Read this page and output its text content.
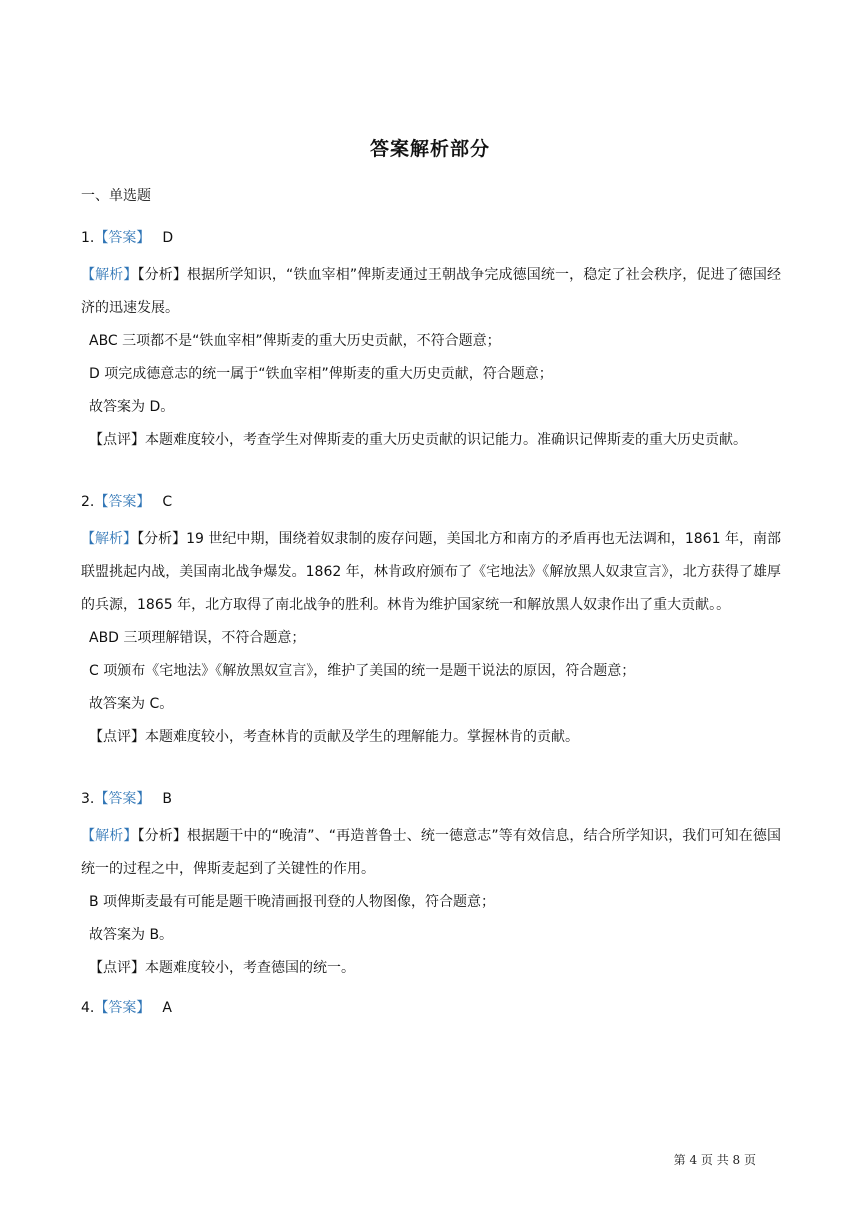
答案解析部分

一、单选题

1.【答案】 D

【解析】【分析】根据所学知识，“铁血宰相”俾斯麦通过王朝战争完成德国统一，稳定了社会秩序，促进了德国经济的迅速发展。

ABC 三项都不是“铁血宰相”俾斯麦的重大历史贡献，不符合题意；

D 项完成德意志的统一属于“铁血宰相”俾斯麦的重大历史贡献，符合题意；

故答案为 D。

【点评】本题难度较小，考查学生对俾斯麦的重大历史贡献的识记能力。准确识记俾斯麦的重大历史贡献。

2.【答案】 C

【解析】【分析】19 世纪中期，围绕着奴隶制的废存问题，美国北方和南方的矛盾再也无法调和，1861 年，南部联盟挑起内战，美国南北战争爆发。1862 年，林肯政府颁布了《宅地法》《解放黑人奴隶宣言》，北方获得了雄厚的兵源，1865 年，北方取得了南北战争的胜利。林肯为维护国家统一和解放黑人奴隶作出了重大贡献。。

ABD 三项理解错误，不符合题意；

C 项颁布《宅地法》《解放黑奴宣言》，维护了美国的统一是题干说法的原因，符合题意；

故答案为 C。

【点评】本题难度较小，考查林肯的贡献及学生的理解能力。掌握林肯的贡献。

3.【答案】 B

【解析】【分析】根据题干中的“晚清”、“再造普鲁士、统一德意志”等有效信息，结合所学知识，我们可知在德国统一的过程之中，俾斯麦起到了关键性的作用。

B 项俾斯麦最有可能是题干晚清画报刊登的人物图像，符合题意；

故答案为 B。

【点评】本题难度较小，考查德国的统一。

4.【答案】 A

第 4 页 共 8 页
